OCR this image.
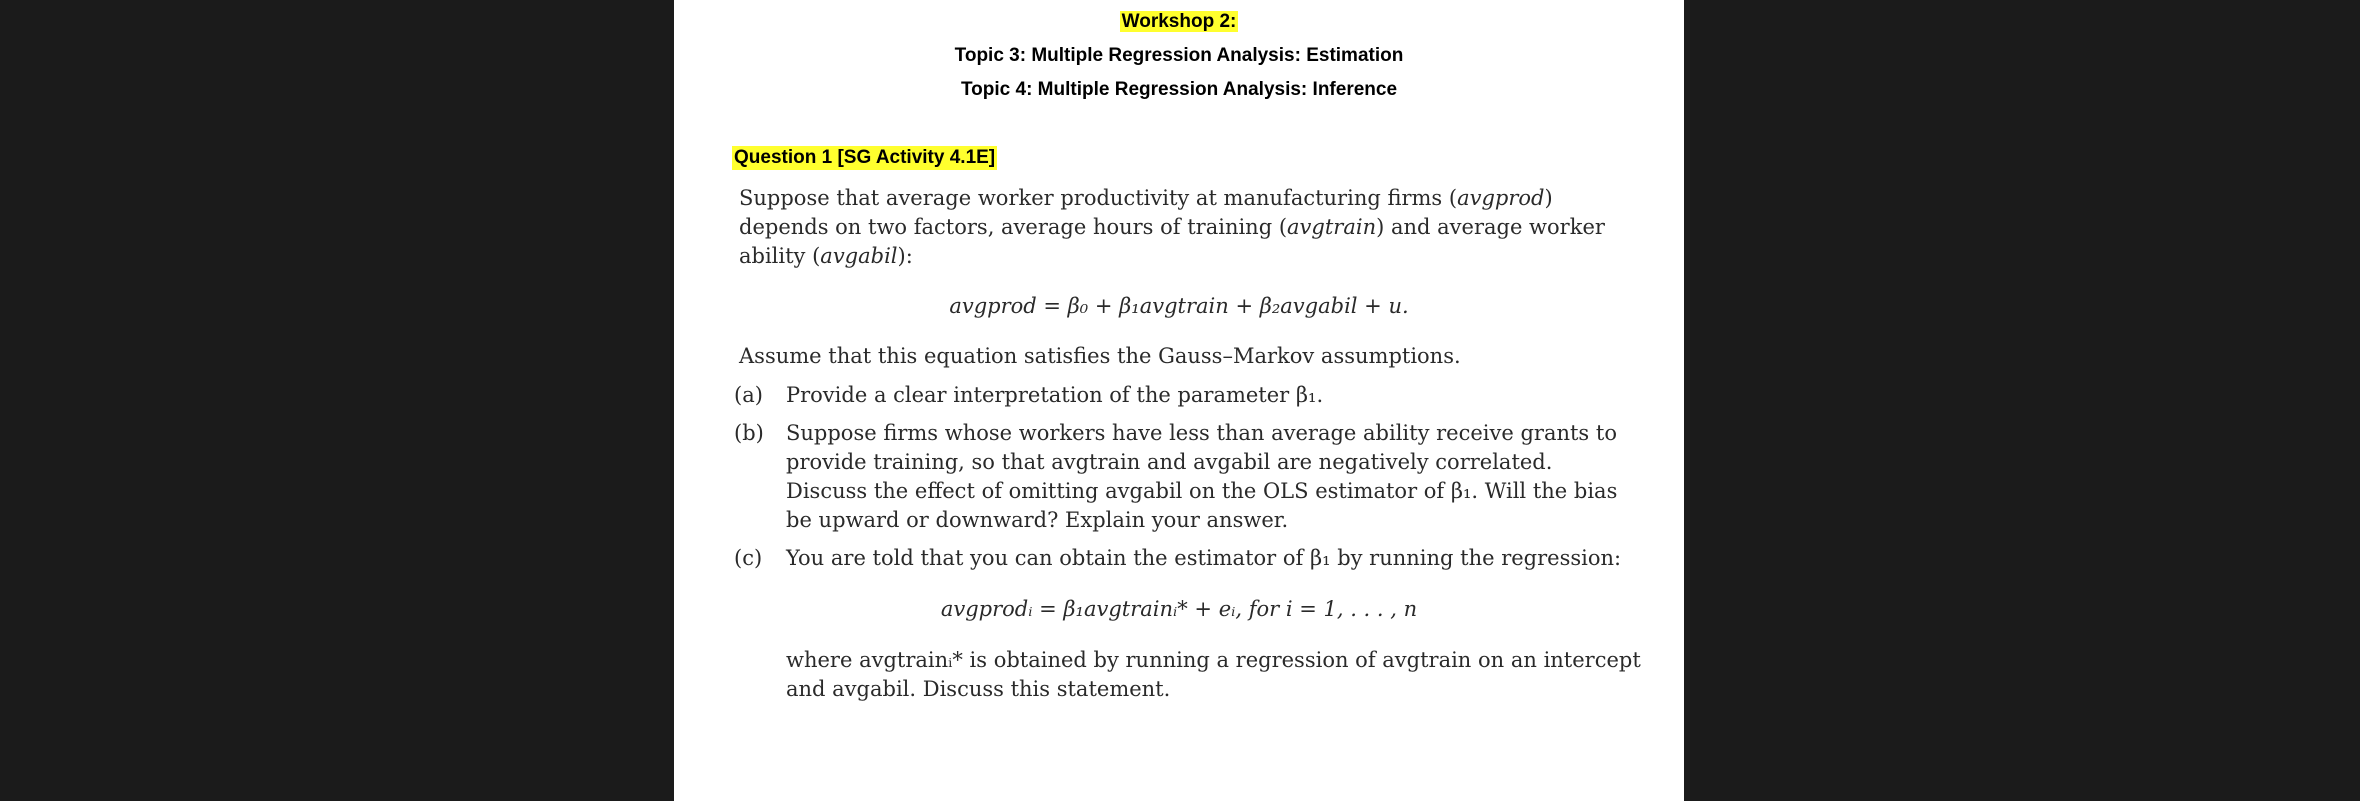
Workshop 2:
Topic 3: Multiple Regression Analysis: Estimation
Topic 4: Multiple Regression Analysis: Inference
Question 1 [SG Activity 4.1E]
Suppose that average worker productivity at manufacturing firms (avgprod)
depends on two factors, average hours of training (avgtrain) and average worker
ability (avgabil):
avgprod = β₀ + β₁avgtrain + β₂avgabil + u.
Assume that this equation satisfies the Gauss–Markov assumptions.
(a) Provide a clear interpretation of the parameter β₁.
(b) Suppose firms whose workers have less than average ability receive grants to
provide training, so that avgtrain and avgabil are negatively correlated.
Discuss the effect of omitting avgabil on the OLS estimator of β₁. Will the bias
be upward or downward? Explain your answer.
(c) You are told that you can obtain the estimator of β₁ by running the regression:
avgprodᵢ = β₁avgtrainᵢ* + eᵢ, for i = 1, . . . , n
where avgtrainᵢ* is obtained by running a regression of avgtrain on an intercept
and avgabil. Discuss this statement.
